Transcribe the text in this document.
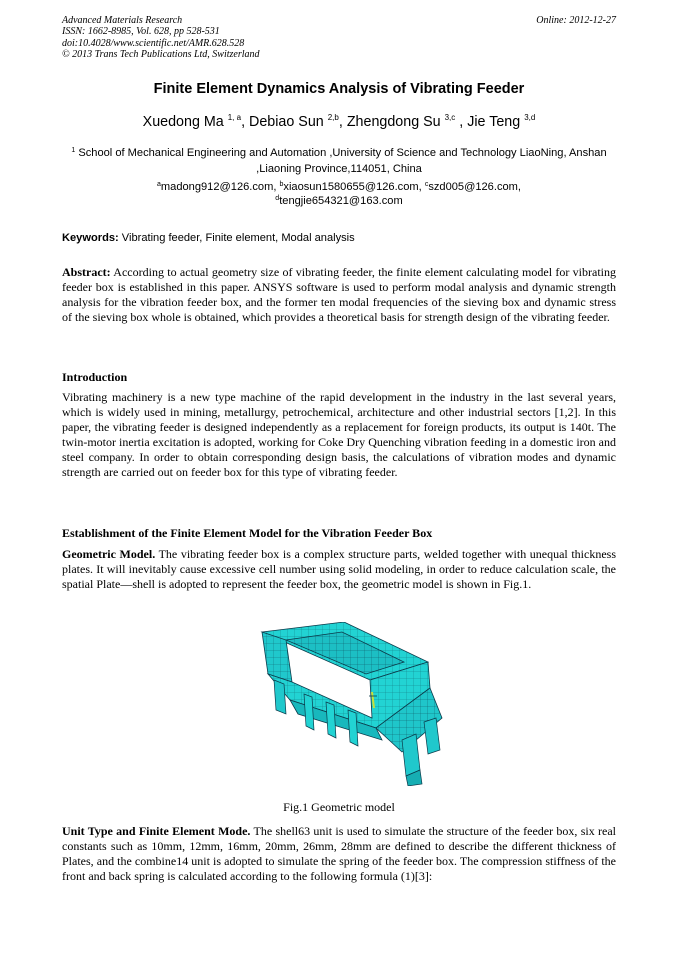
Advanced Materials Research
ISSN: 1662-8985, Vol. 628, pp 528-531
doi:10.4028/www.scientific.net/AMR.628.528
© 2013 Trans Tech Publications Ltd, Switzerland
Online: 2012-12-27
Finite Element Dynamics Analysis of Vibrating Feeder
Xuedong Ma $^{1, a}$, Debiao Sun $^{2,b}$, Zhengdong Su $^{3,c}$ , Jie Teng $^{3,d}$
$^1$ School of Mechanical Engineering and Automation ,University of Science and Technology LiaoNing, Anshan ,Liaoning Province,114051, China
$^a$madong912@126.com, $^b$xiaosun1580655@126.com, $^c$szd005@126.com,
$^d$tengjie654321@163.com
Keywords: Vibrating feeder, Finite element, Modal analysis
Abstract: According to actual geometry size of vibrating feeder, the finite element calculating model for vibrating feeder box is established in this paper. ANSYS software is used to perform modal analysis and dynamic strength analysis for the vibration feeder box, and the former ten modal frequencies of the sieving box and dynamic stress of the sieving box whole is obtained, which provides a theoretical basis for strength design of the vibrating feeder.
Introduction
Vibrating machinery is a new type machine of the rapid development in the industry in the last several years, which is widely used in mining, metallurgy, petrochemical, architecture and other industrial sectors [1,2]. In this paper, the vibrating feeder is designed independently as a replacement for foreign products, its output is 140t. The twin-motor inertia excitation is adopted, working for Coke Dry Quenching vibration feeding in a domestic iron and steel company. In order to obtain corresponding design basis, the calculations of vibration modes and dynamic strength are carried out on feeder box for this type of vibrating feeder.
Establishment of the Finite Element Model for the Vibration Feeder Box
Geometric Model. The vibrating feeder box is a complex structure parts, welded together with unequal thickness plates. It will inevitably cause excessive cell number using solid modeling, in order to reduce calculation scale, the spatial Plate—shell is adopted to represent the feeder box, the geometric model is shown in Fig.1.
Fig.1 Geometric model
Unit Type and Finite Element Mode. The shell63 unit is used to simulate the structure of the feeder box, six real constants such as 10mm, 12mm, 16mm, 20mm, 26mm, 28mm are defined to describe the different thickness of Plates, and the combine14 unit is adopted to simulate the spring of the feeder box. The compression stiffness of the front and back spring is calculated according to the following formula (1)[3]:
